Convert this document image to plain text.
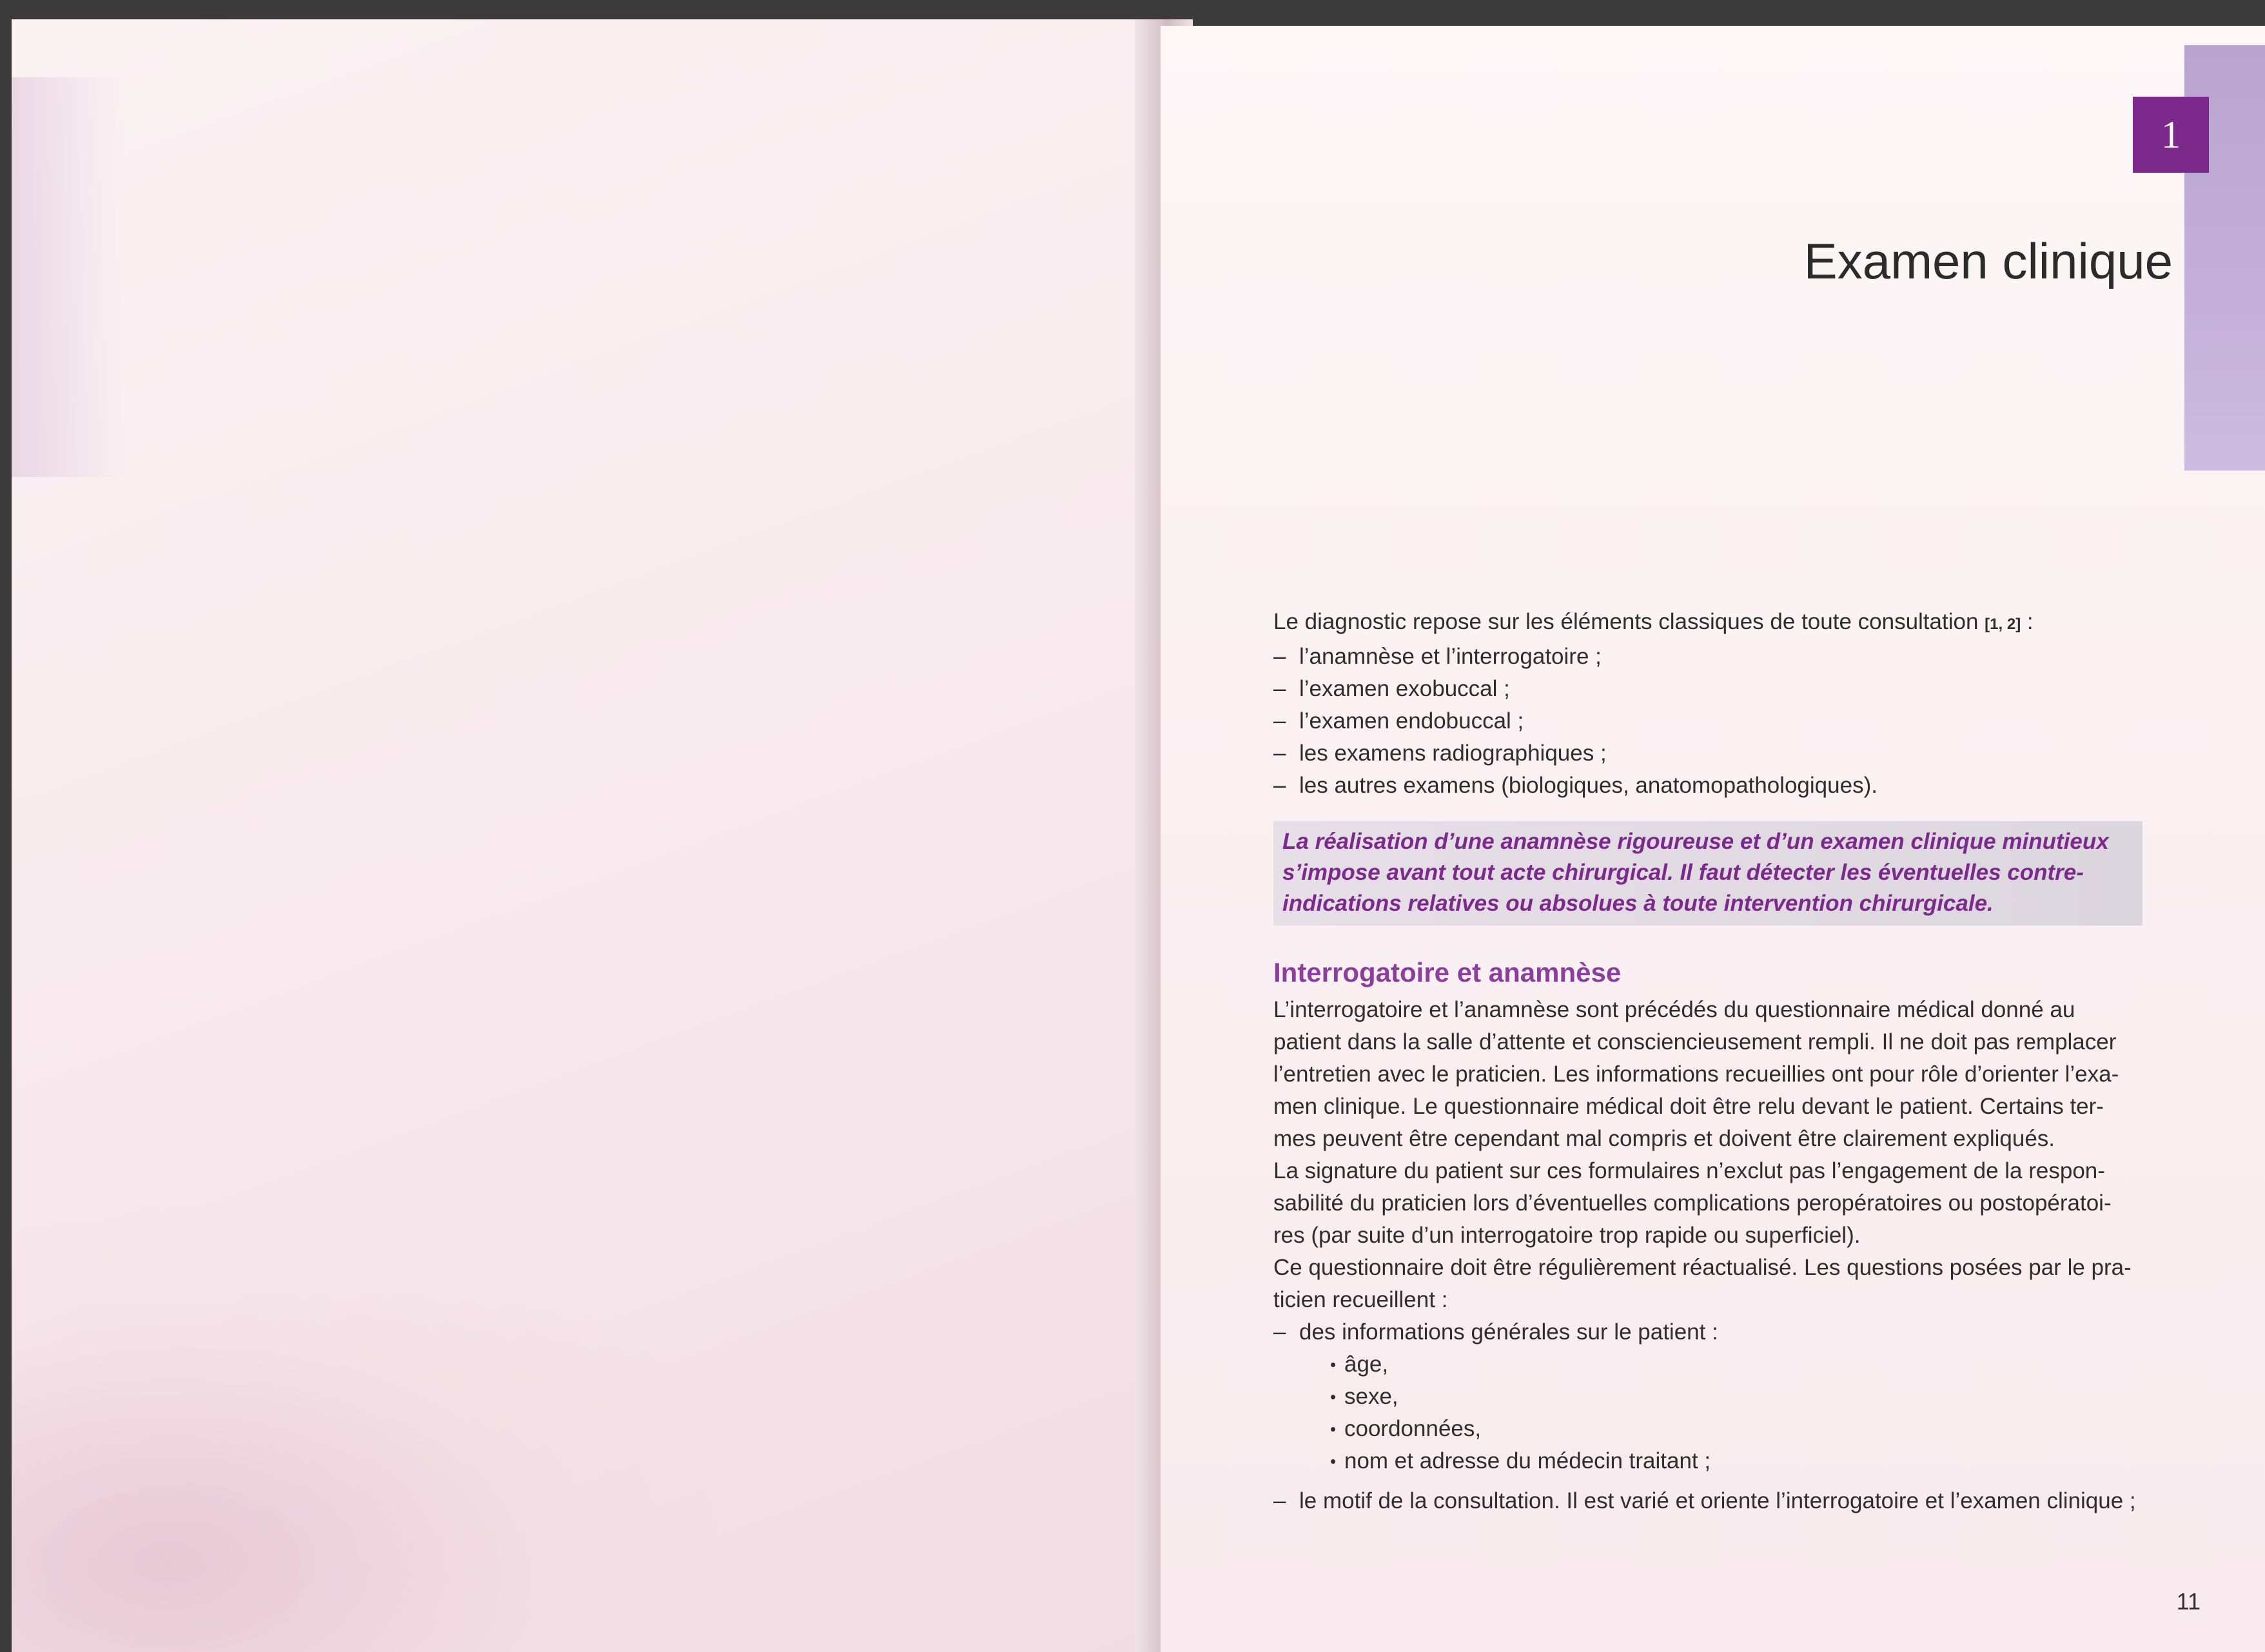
1
Examen clinique
Le diagnostic repose sur les éléments classiques de toute consultation [1, 2] :
– l’anamnèse et l’interrogatoire ;
– l’examen exobuccal ;
– l’examen endobuccal ;
– les examens radiographiques ;
– les autres examens (biologiques, anatomopathologiques).
La réalisation d’une anamnèse rigoureuse et d’un examen clinique minutieux
s’impose avant tout acte chirurgical. Il faut détecter les éventuelles contre-
indications relatives ou absolues à toute intervention chirurgicale.
Interrogatoire et anamnèse
L’interrogatoire et l’anamnèse sont précédés du questionnaire médical donné au
patient dans la salle d’attente et consciencieusement rempli. Il ne doit pas remplacer
l’entretien avec le praticien. Les informations recueillies ont pour rôle d’orienter l’exa-
men clinique. Le questionnaire médical doit être relu devant le patient. Certains ter-
mes peuvent être cependant mal compris et doivent être clairement expliqués.
La signature du patient sur ces formulaires n’exclut pas l’engagement de la respon-
sabilité du praticien lors d’éventuelles complications peropératoires ou postopératoi-
res (par suite d’un interrogatoire trop rapide ou superficiel).
Ce questionnaire doit être régulièrement réactualisé. Les questions posées par le pra-
ticien recueillent :
– des informations générales sur le patient :
• âge,
• sexe,
• coordonnées,
• nom et adresse du médecin traitant ;
– le motif de la consultation. Il est varié et oriente l’interrogatoire et l’examen clinique ;
11
